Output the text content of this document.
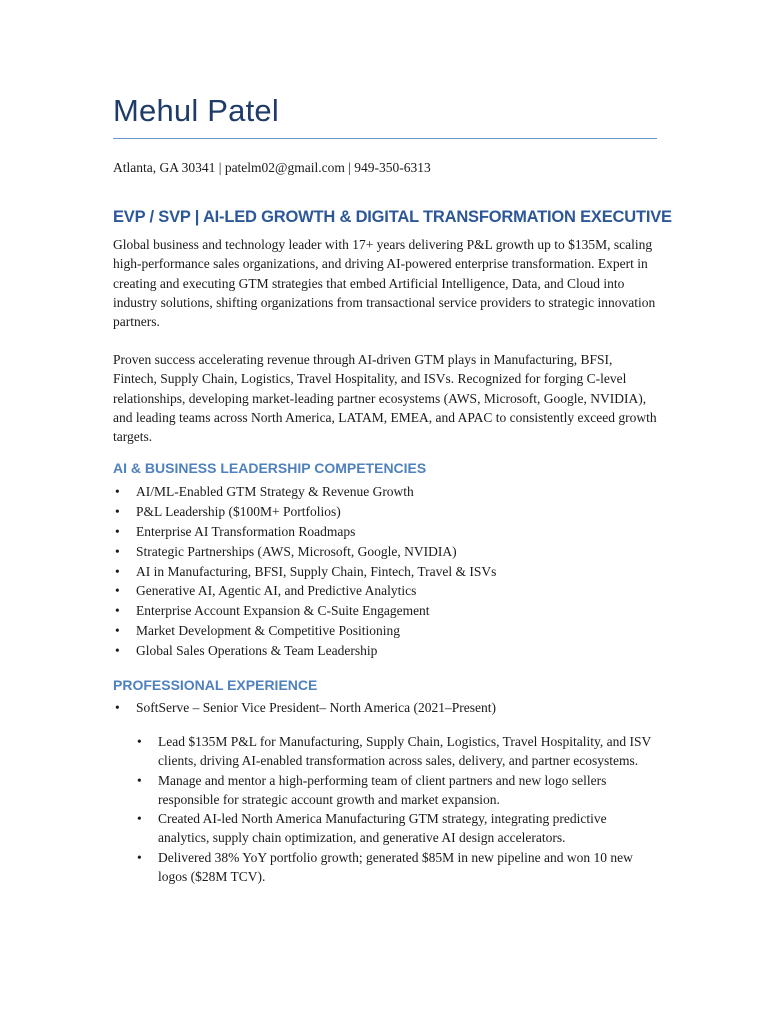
Mehul Patel
Atlanta, GA 30341 | patelm02@gmail.com | 949-350-6313
EVP / SVP | AI-LED GROWTH & DIGITAL TRANSFORMATION EXECUTIVE

Global business and technology leader with 17+ years delivering P&L growth up to $135M, scaling high-performance sales organizations, and driving AI-powered enterprise transformation. Expert in creating and executing GTM strategies that embed Artificial Intelligence, Data, and Cloud into industry solutions, shifting organizations from transactional service providers to strategic innovation partners.

Proven success accelerating revenue through AI-driven GTM plays in Manufacturing, BFSI, Fintech, Supply Chain, Logistics, Travel Hospitality, and ISVs. Recognized for forging C-level relationships, developing market-leading partner ecosystems (AWS, Microsoft, Google, NVIDIA), and leading teams across North America, LATAM, EMEA, and APAC to consistently exceed growth targets.

AI & BUSINESS LEADERSHIP COMPETENCIES
• AI/ML-Enabled GTM Strategy & Revenue Growth
• P&L Leadership ($100M+ Portfolios)
• Enterprise AI Transformation Roadmaps
• Strategic Partnerships (AWS, Microsoft, Google, NVIDIA)
• AI in Manufacturing, BFSI, Supply Chain, Fintech, Travel & ISVs
• Generative AI, Agentic AI, and Predictive Analytics
• Enterprise Account Expansion & C-Suite Engagement
• Market Development & Competitive Positioning
• Global Sales Operations & Team Leadership
PROFESSIONAL EXPERIENCE
• SoftServe – Senior Vice President– North America (2021–Present)
• Lead $135M P&L for Manufacturing, Supply Chain, Logistics, Travel Hospitality, and ISV clients, driving AI-enabled transformation across sales, delivery, and partner ecosystems.
• Manage and mentor a high-performing team of client partners and new logo sellers responsible for strategic account growth and market expansion.
• Created AI-led North America Manufacturing GTM strategy, integrating predictive analytics, supply chain optimization, and generative AI design accelerators.
• Delivered 38% YoY portfolio growth; generated $85M in new pipeline and won 10 new logos ($28M TCV).
